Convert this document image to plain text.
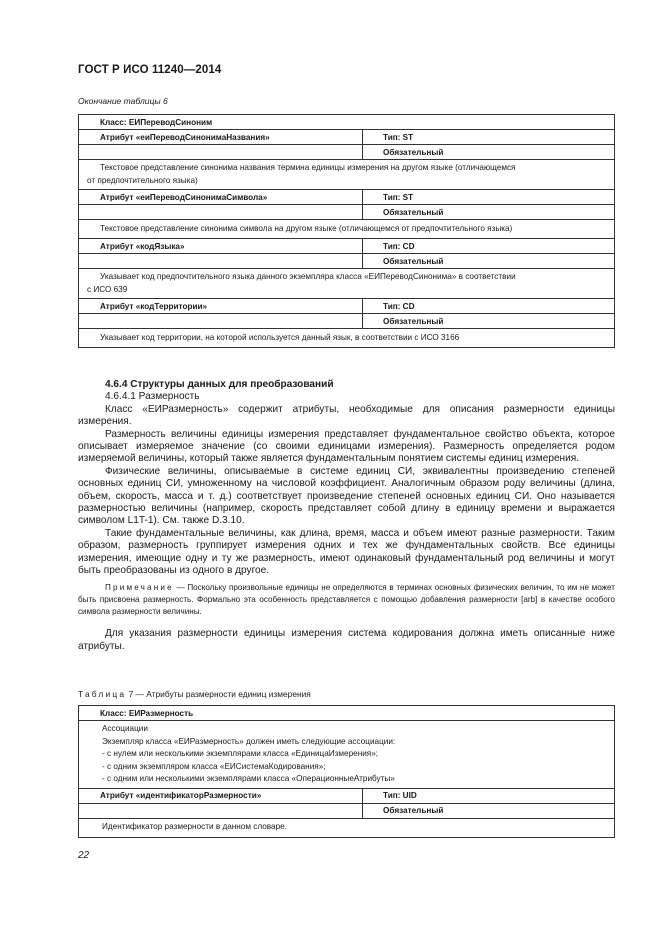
ГОСТ Р ИСО 11240—2014
Окончание таблицы 6
Класс: ЕИПереводСиноним	
Атрибут «еиПереводСинонимаНазвания»	Тип: ST
	Обязательный

Текстовое представление синонима названия термина единицы измерения на другом языке (отличающемся
от предпочтительного языка)	

Атрибут «еиПереводСинонимаСимвола»	Тип: ST
	Обязательный

Текстовое представление синонима символа на другом языке (отличающемся от предпочтительного языка)	

Атрибут «кодЯзыка»	Тип: CD
	Обязательный

Указывает код предпочтительного языка данного экземпляра класса «ЕИПереводСинонима» в соответствии
с ИСО 639	

Атрибут «кодТерритории»	Тип: CD
	Обязательный

Указывает код территории, на которой используется данный язык, в соответствии с ИСО 3166	

4.6.4 Структуры данных для преобразований

4.6.4.1 Размерность

Класс «ЕИРазмерность» содержит атрибуты, необходимые для описания размерности единицы измерения.

Размерность величины единицы измерения представляет фундаментальное свойство объекта, которое описывает измеряемое значение (со своими единицами измерения). Размерность определяется родом измеряемой величины, который также является фундаментальным понятием системы единиц измерения.

Физические величины, описываемые в системе единиц СИ, эквивалентны произведению степеней основных единиц СИ, умноженному на числовой коэффициент. Аналогичным образом роду величины (длина, объем, скорость, масса и т. д.) соответствует произведение степеней основных единиц СИ. Оно называется размерностью величины (например, скорость представляет собой длину в единицу времени и выражается символом L1T-1). См. также D.3.10.

Такие фундаментальные величины, как длина, время, масса и объем имеют разные размерности. Таким образом, размерность группирует измерения одних и тех же фундаментальных свойств. Все единицы измерения, имеющие одну и ту же размерность, имеют одинаковый фундаментальный род величины и могут быть преобразованы из одного в другое.

Примечание — Поскольку произвольные единицы не определяются в терминах основных физических величин, то им не может быть присвоена размерность. Формально эта особенность представляется с помощью добавления размерности [arb] в качестве особого символа размерности величины.

Для указания размерности единицы измерения система кодирования должна иметь описанные ниже атрибуты.

Таблица 7 — Атрибуты размерности единиц измерения
Класс: ЕИРазмерность	

Ассоциации
Экземпляр класса «ЕИРазмерность» должен иметь следующие ассоциации:
- с нулем или несколькими экземплярами класса «ЕдиницаИзмерения»;
- с одним экземпляром класса «ЕИСистемаКодирования»;
- с одним или несколькими экземплярами класса «ОперационныеАтрибуты»	

Атрибут «идентификаторРазмерности»	Тип: UID
	Обязательный
Идентификатор размерности в данном словаре.	
22
